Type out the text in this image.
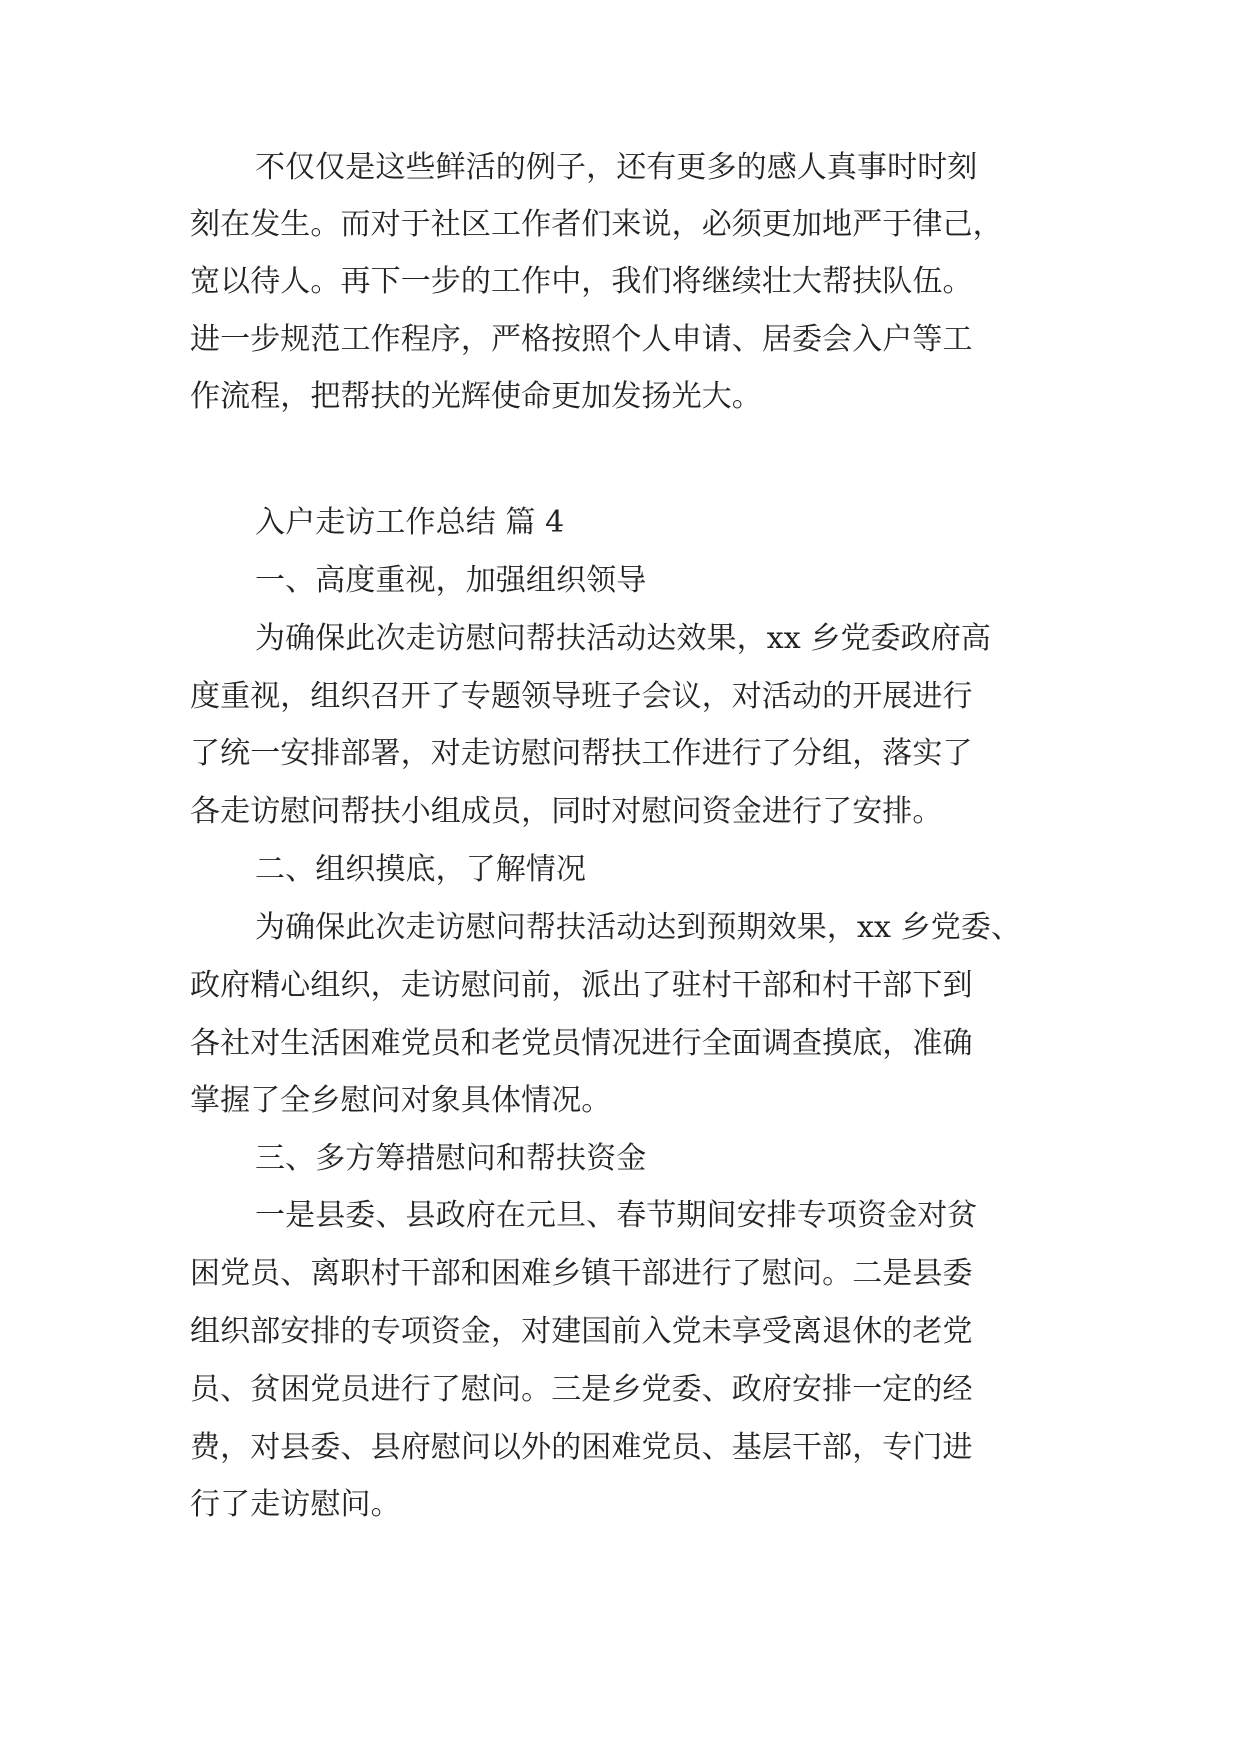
不仅仅是这些鲜活的例子，还有更多的感人真事时时刻

刻在发生。而对于社区工作者们来说，必须更加地严于律己，

宽以待人。再下一步的工作中，我们将继续壮大帮扶队伍。

进一步规范工作程序，严格按照个人申请、居委会入户等工

作流程，把帮扶的光辉使命更加发扬光大。

入户走访工作总结 篇 4

一、高度重视，加强组织领导

为确保此次走访慰问帮扶活动达效果，xx 乡党委政府高

度重视，组织召开了专题领导班子会议，对活动的开展进行

了统一安排部署，对走访慰问帮扶工作进行了分组，落实了

各走访慰问帮扶小组成员，同时对慰问资金进行了安排。

二、组织摸底，了解情况

为确保此次走访慰问帮扶活动达到预期效果，xx 乡党委、

政府精心组织，走访慰问前，派出了驻村干部和村干部下到

各社对生活困难党员和老党员情况进行全面调查摸底，准确

掌握了全乡慰问对象具体情况。

三、多方筹措慰问和帮扶资金

一是县委、县政府在元旦、春节期间安排专项资金对贫

困党员、离职村干部和困难乡镇干部进行了慰问。二是县委

组织部安排的专项资金，对建国前入党未享受离退休的老党

员、贫困党员进行了慰问。三是乡党委、政府安排一定的经

费，对县委、县府慰问以外的困难党员、基层干部，专门进

行了走访慰问。
